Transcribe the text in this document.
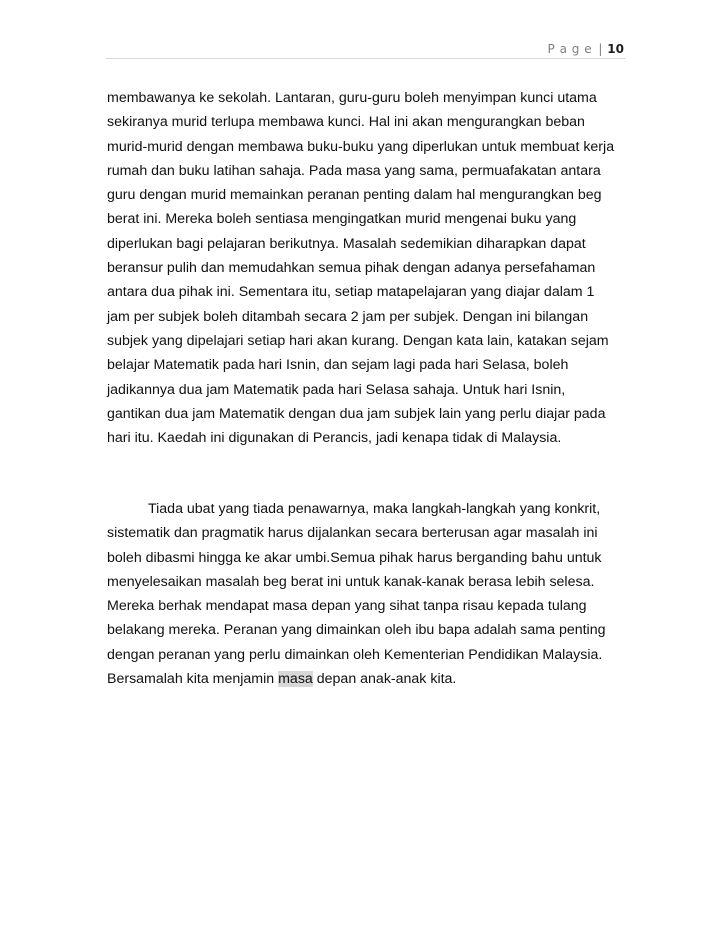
P a g e | 10
membawanya ke sekolah. Lantaran, guru-guru boleh menyimpan kunci utama
sekiranya murid terlupa membawa kunci. Hal ini akan mengurangkan beban
murid-murid dengan membawa buku-buku yang diperlukan untuk membuat kerja
rumah dan buku latihan sahaja. Pada masa yang sama, permuafakatan antara
guru dengan murid memainkan peranan penting dalam hal mengurangkan beg
berat ini. Mereka boleh sentiasa mengingatkan murid mengenai buku yang
diperlukan bagi pelajaran berikutnya. Masalah sedemikian diharapkan dapat
beransur pulih dan memudahkan semua pihak dengan adanya persefahaman
antara dua pihak ini. Sementara itu, setiap matapelajaran yang diajar dalam 1
jam per subjek boleh ditambah secara 2 jam per subjek. Dengan ini bilangan
subjek yang dipelajari setiap hari akan kurang. Dengan kata lain, katakan sejam
belajar Matematik pada hari Isnin, dan sejam lagi pada hari Selasa, boleh
jadikannya dua jam Matematik pada hari Selasa sahaja. Untuk hari Isnin,
gantikan dua jam Matematik dengan dua jam subjek lain yang perlu diajar pada
hari itu. Kaedah ini digunakan di Perancis, jadi kenapa tidak di Malaysia.
Tiada ubat yang tiada penawarnya, maka langkah-langkah yang konkrit,
sistematik dan pragmatik harus dijalankan secara berterusan agar masalah ini
boleh dibasmi hingga ke akar umbi.Semua pihak harus berganding bahu untuk
menyelesaikan masalah beg berat ini untuk kanak-kanak berasa lebih selesa.
Mereka berhak mendapat masa depan yang sihat tanpa risau kepada tulang
belakang mereka. Peranan yang dimainkan oleh ibu bapa adalah sama penting
dengan peranan yang perlu dimainkan oleh Kementerian Pendidikan Malaysia.
Bersamalah kita menjamin masa depan anak-anak kita.
